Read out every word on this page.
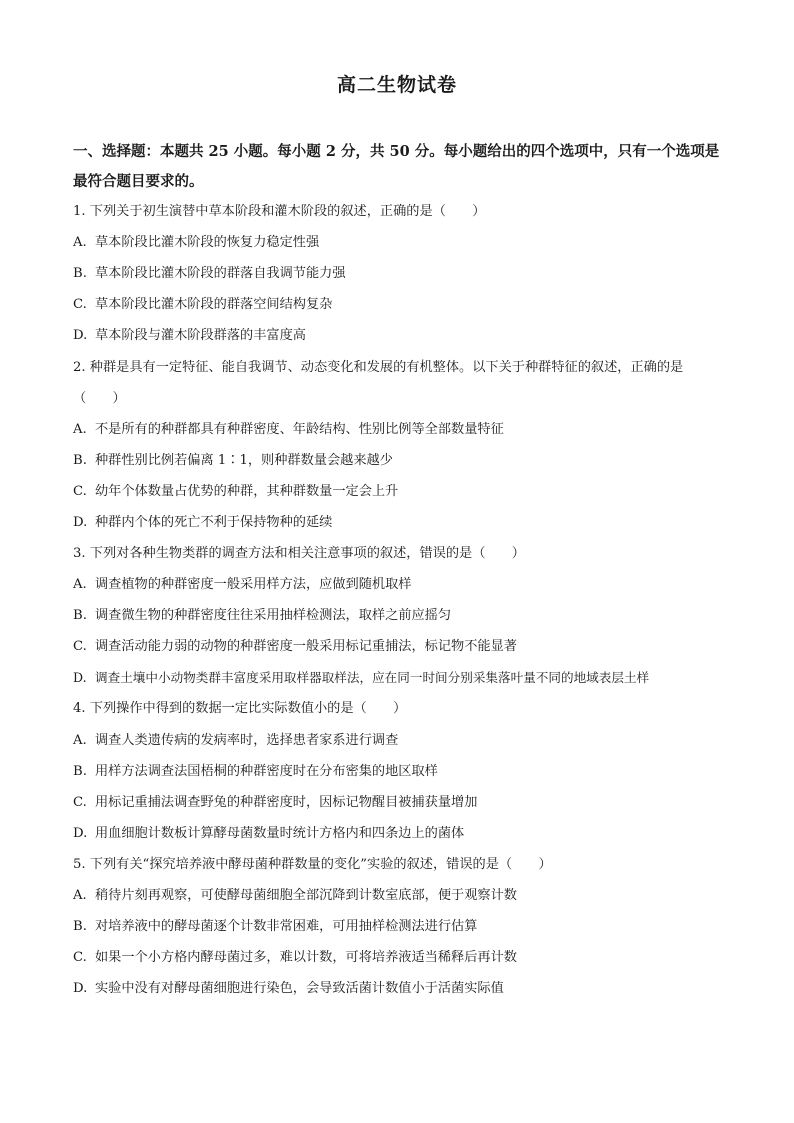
高二生物试卷
一、选择题：本题共 25 小题。每小题 2 分，共 50 分。每小题给出的四个选项中，只有一个选项是最符合题目要求的。
1. 下列关于初生演替中草本阶段和灌木阶段的叙述，正确的是（　　）
A. 草本阶段比灌木阶段的恢复力稳定性强
B. 草本阶段比灌木阶段的群落自我调节能力强
C. 草本阶段比灌木阶段的群落空间结构复杂
D. 草本阶段与灌木阶段群落的丰富度高
2. 种群是具有一定特征、能自我调节、动态变化和发展的有机整体。以下关于种群特征的叙述，正确的是（　　）
A. 不是所有的种群都具有种群密度、年龄结构、性别比例等全部数量特征
B. 种群性别比例若偏离 1∶1，则种群数量会越来越少
C. 幼年个体数量占优势的种群，其种群数量一定会上升
D. 种群内个体的死亡不利于保持物种的延续
3. 下列对各种生物类群的调查方法和相关注意事项的叙述，错误的是（　　）
A. 调查植物的种群密度一般采用样方法，应做到随机取样
B. 调查微生物的种群密度往往采用抽样检测法，取样之前应摇匀
C. 调查活动能力弱的动物的种群密度一般采用标记重捕法，标记物不能显著
D. 调查土壤中小动物类群丰富度采用取样器取样法，应在同一时间分别采集落叶量不同的地域表层土样
4. 下列操作中得到的数据一定比实际数值小的是（　　）
A. 调查人类遗传病的发病率时，选择患者家系进行调查
B. 用样方法调查法国梧桐的种群密度时在分布密集的地区取样
C. 用标记重捕法调查野兔的种群密度时，因标记物醒目被捕获量增加
D. 用血细胞计数板计算酵母菌数量时统计方格内和四条边上的菌体
5. 下列有关“探究培养液中酵母菌种群数量的变化”实验的叙述，错误的是（　　）
A. 稍待片刻再观察，可使酵母菌细胞全部沉降到计数室底部，便于观察计数
B. 对培养液中的酵母菌逐个计数非常困难，可用抽样检测法进行估算
C. 如果一个小方格内酵母菌过多，难以计数，可将培养液适当稀释后再计数
D. 实验中没有对酵母菌细胞进行染色，会导致活菌计数值小于活菌实际值
